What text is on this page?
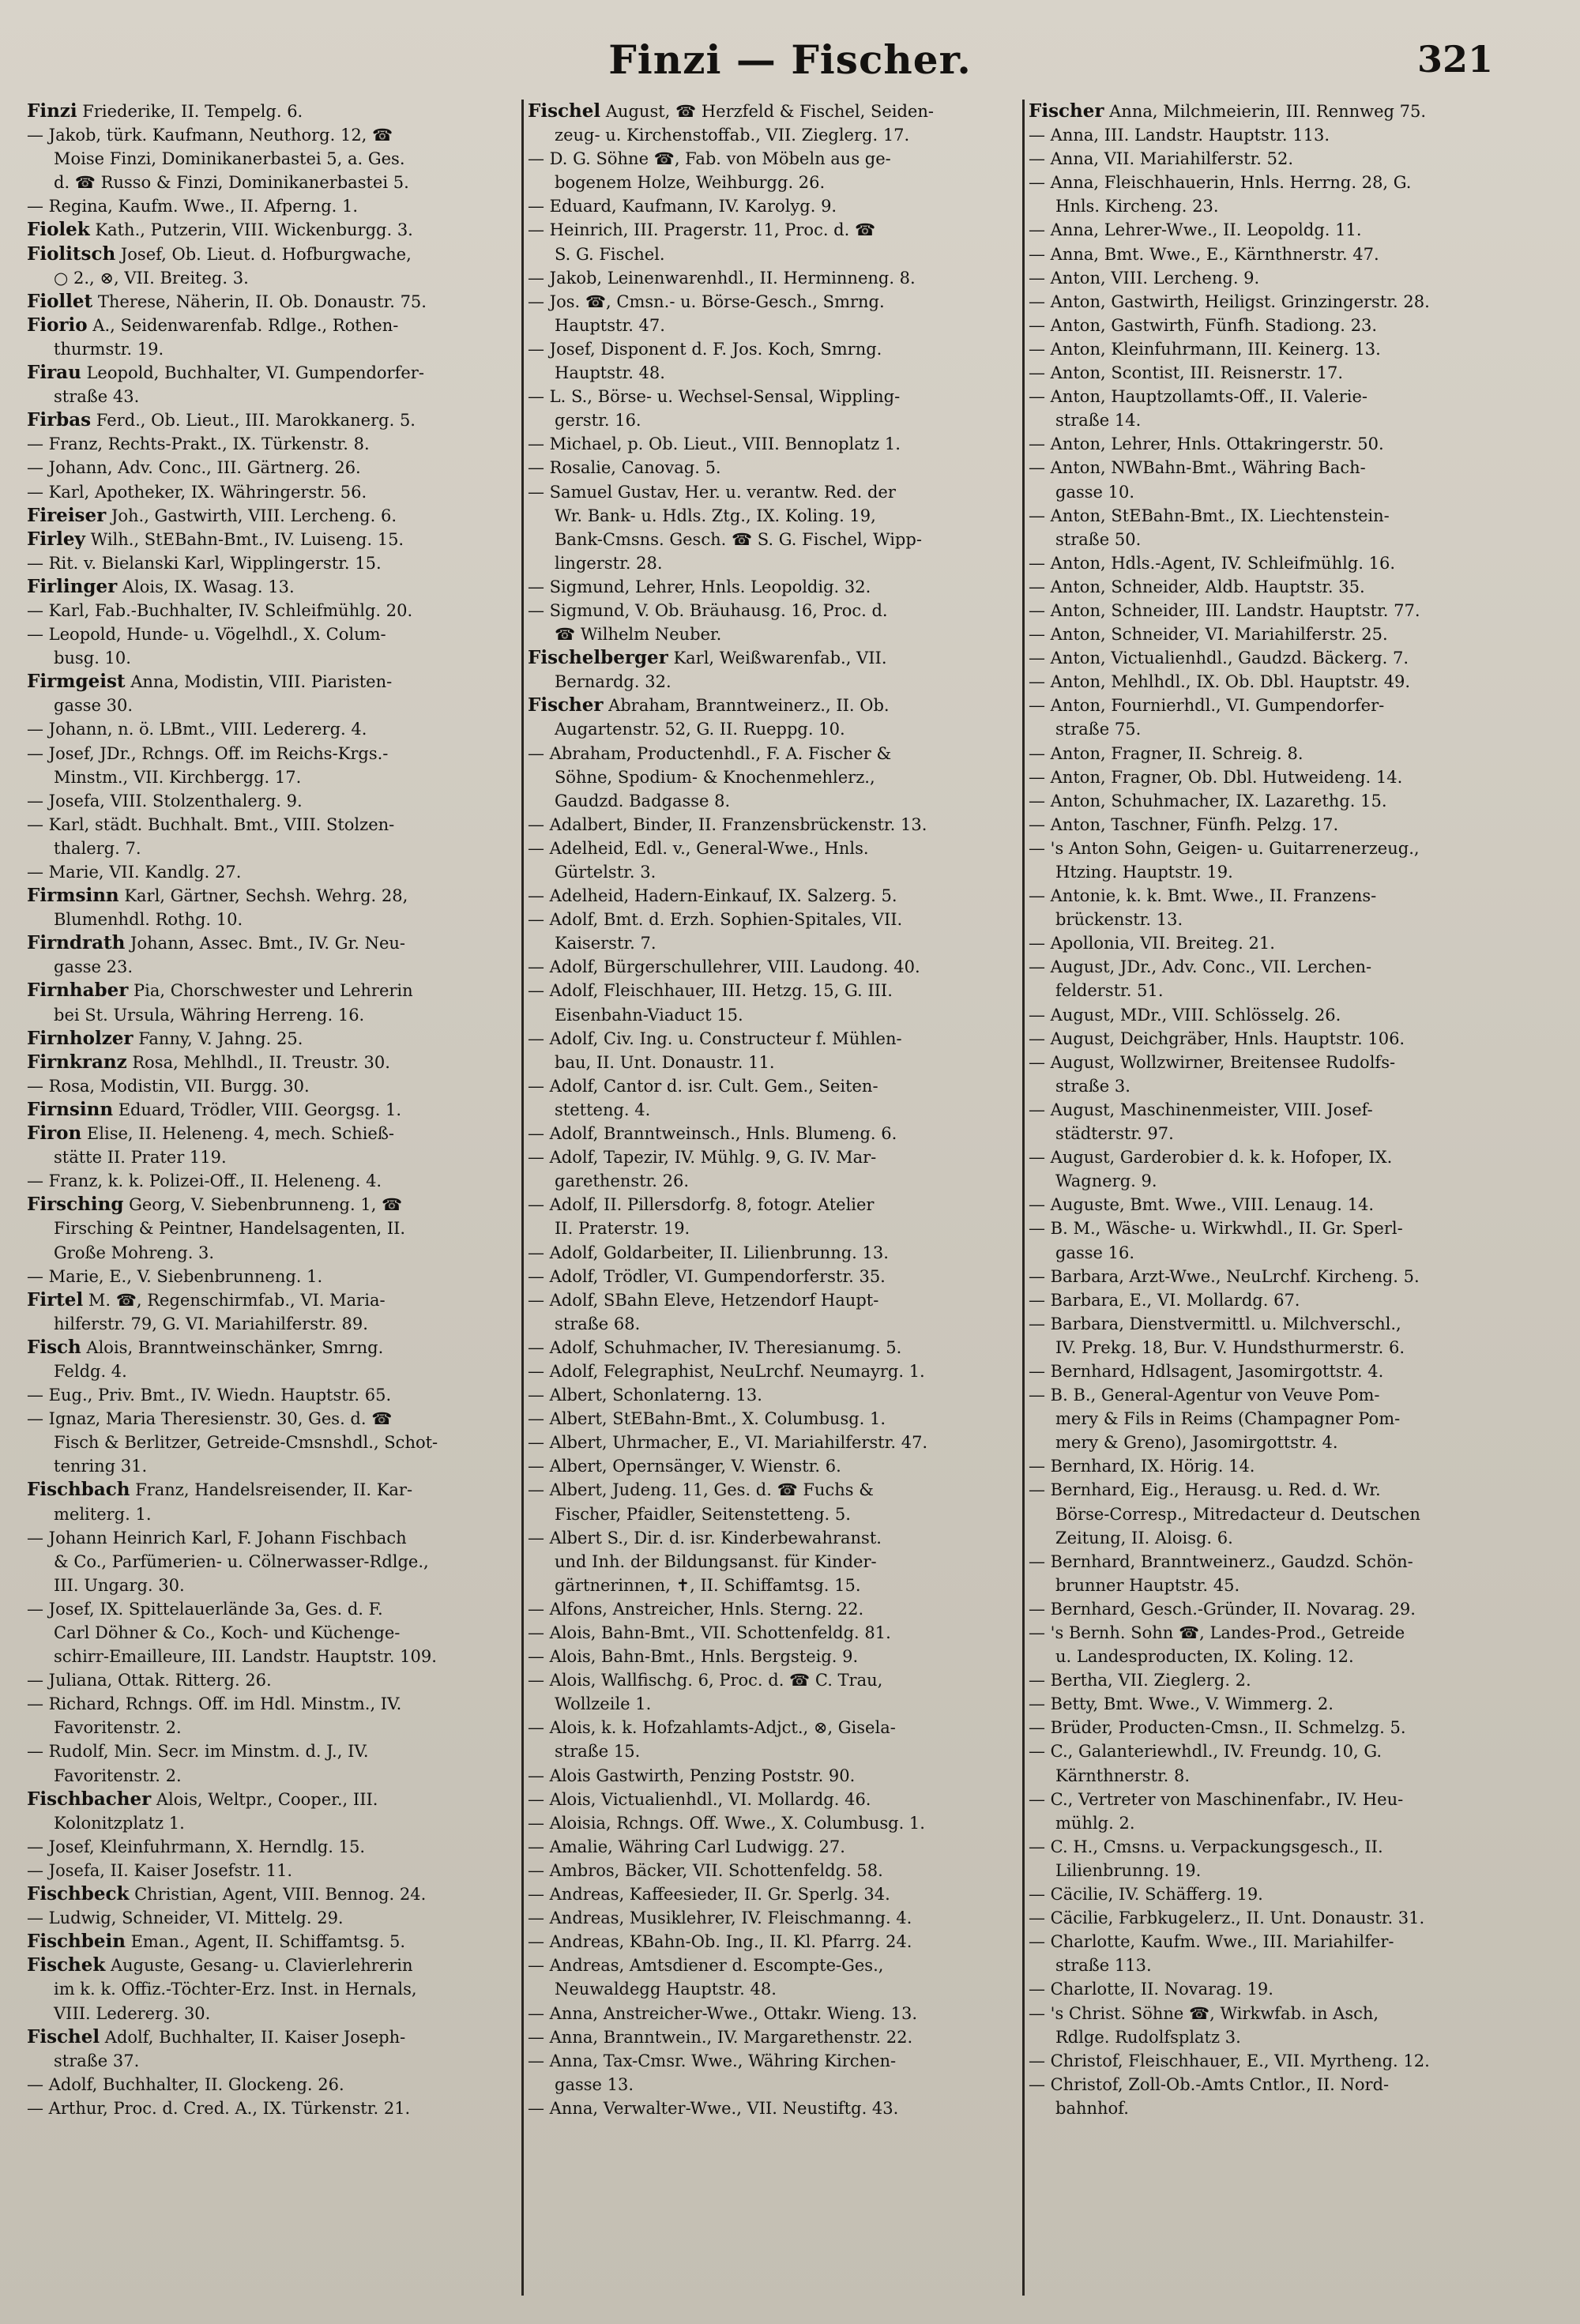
Finzi — Fischer.	321
Finzi Friederike, II. Tempelg. 6.
— Jakob, türk. Kaufmann, Neuthorg. 12, ☎
Moise Finzi, Dominikanerbastei 5, a. Ges.
d. ☎ Russo & Finzi, Dominikanerbastei 5.
— Regina, Kaufm. Wwe., II. Afperng. 1.
Fiolek Kath., Putzerin, VIII. Wickenburgg. 3.
Fiolitsch Josef, Ob. Lieut. d. Hofburgwache,
○ 2., ⊗, VII. Breiteg. 3.
Fiollet Therese, Näherin, II. Ob. Donaustr. 75.
Fiorio A., Seidenwarenfab. Rdlge., Rothen-
thurmstr. 19.
Firau Leopold, Buchhalter, VI. Gumpendorfer-
straße 43.
Firbas Ferd., Ob. Lieut., III. Marokkanerg. 5.
— Franz, Rechts-Prakt., IX. Türkenstr. 8.
— Johann, Adv. Conc., III. Gärtnerg. 26.
— Karl, Apotheker, IX. Währingerstr. 56.
Fireiser Joh., Gastwirth, VIII. Lercheng. 6.
Firley Wilh., StEBahn-Bmt., IV. Luiseng. 15.
— Rit. v. Bielanski Karl, Wipplingerstr. 15.
Firlinger Alois, IX. Wasag. 13.
— Karl, Fab.-Buchhalter, IV. Schleifmühlg. 20.
— Leopold, Hunde- u. Vögelhdl., X. Colum-
busg. 10.
Firmgeist Anna, Modistin, VIII. Piaristen-
gasse 30.
— Johann, n. ö. LBmt., VIII. Ledererg. 4.
— Josef, JDr., Rchngs. Off. im Reichs-Krgs.-
Minstm., VII. Kirchbergg. 17.
— Josefa, VIII. Stolzenthalerg. 9.
— Karl, städt. Buchhalt. Bmt., VIII. Stolzen-
thalerg. 7.
— Marie, VII. Kandlg. 27.
Firmsinn Karl, Gärtner, Sechsh. Wehrg. 28,
Blumenhdl. Rothg. 10.
Firndrath Johann, Assec. Bmt., IV. Gr. Neu-
gasse 23.
Firnhaber Pia, Chorschwester und Lehrerin
bei St. Ursula, Währing Herreng. 16.
Firnholzer Fanny, V. Jahng. 25.
Firnkranz Rosa, Mehlhdl., II. Treustr. 30.
— Rosa, Modistin, VII. Burgg. 30.
Firnsinn Eduard, Trödler, VIII. Georgsg. 1.
Firon Elise, II. Heleneng. 4, mech. Schieß-
stätte II. Prater 119.
— Franz, k. k. Polizei-Off., II. Heleneng. 4.
Firsching Georg, V. Siebenbrunneng. 1, ☎
Firsching & Peintner, Handelsagenten, II.
Große Mohreng. 3.
— Marie, E., V. Siebenbrunneng. 1.
Firtel M. ☎, Regenschirmfab., VI. Maria-
hilferstr. 79, G. VI. Mariahilferstr. 89.
Fisch Alois, Branntweinschänker, Smrng.
Feldg. 4.
— Eug., Priv. Bmt., IV. Wiedn. Hauptstr. 65.
— Ignaz, Maria Theresienstr. 30, Ges. d. ☎
Fisch & Berlitzer, Getreide-Cmsnshdl., Schot-
tenring 31.
Fischbach Franz, Handelsreisender, II. Kar-
meliterg. 1.
— Johann Heinrich Karl, F. Johann Fischbach
& Co., Parfümerien- u. Cölnerwasser-Rdlge.,
III. Ungarg. 30.
— Josef, IX. Spittelauerlände 3a, Ges. d. F.
Carl Döhner & Co., Koch- und Küchenge-
schirr-Emailleure, III. Landstr. Hauptstr. 109.
— Juliana, Ottak. Ritterg. 26.
— Richard, Rchngs. Off. im Hdl. Minstm., IV.
Favoritenstr. 2.
— Rudolf, Min. Secr. im Minstm. d. J., IV.
Favoritenstr. 2.
Fischbacher Alois, Weltpr., Cooper., III.
Kolonitzplatz 1.
— Josef, Kleinfuhrmann, X. Herndlg. 15.
— Josefa, II. Kaiser Josefstr. 11.
Fischbeck Christian, Agent, VIII. Bennog. 24.
— Ludwig, Schneider, VI. Mittelg. 29.
Fischbein Eman., Agent, II. Schiffamtsg. 5.
Fischek Auguste, Gesang- u. Clavierlehrerin
im k. k. Offiz.-Töchter-Erz. Inst. in Hernals,
VIII. Ledererg. 30.
Fischel Adolf, Buchhalter, II. Kaiser Joseph-
straße 37.
— Adolf, Buchhalter, II. Glockeng. 26.
— Arthur, Proc. d. Cred. A., IX. Türkenstr. 21.
Fischel August, ☎ Herzfeld & Fischel, Seiden-
zeug- u. Kirchenstoffab., VII. Zieglerg. 17.
— D. G. Söhne ☎, Fab. von Möbeln aus ge-
bogenem Holze, Weihburgg. 26.
— Eduard, Kaufmann, IV. Karolyg. 9.
— Heinrich, III. Pragerstr. 11, Proc. d. ☎
S. G. Fischel.
— Jakob, Leinenwarenhdl., II. Herminneng. 8.
— Jos. ☎, Cmsn.- u. Börse-Gesch., Smrng.
Hauptstr. 47.
— Josef, Disponent d. F. Jos. Koch, Smrng.
Hauptstr. 48.
— L. S., Börse- u. Wechsel-Sensal, Wippling-
gerstr. 16.
— Michael, p. Ob. Lieut., VIII. Bennoplatz 1.
— Rosalie, Canovag. 5.
— Samuel Gustav, Her. u. verantw. Red. der
Wr. Bank- u. Hdls. Ztg., IX. Koling. 19,
Bank-Cmsns. Gesch. ☎ S. G. Fischel, Wipp-
lingerstr. 28.
— Sigmund, Lehrer, Hnls. Leopoldig. 32.
— Sigmund, V. Ob. Bräuhausg. 16, Proc. d.
☎ Wilhelm Neuber.
Fischelberger Karl, Weißwarenfab., VII.
Bernardg. 32.
Fischer Abraham, Branntweinerz., II. Ob.
Augartenstr. 52, G. II. Rueppg. 10.
— Abraham, Productenhdl., F. A. Fischer &
Söhne, Spodium- & Knochenmehlerz.,
Gaudzd. Badgasse 8.
— Adalbert, Binder, II. Franzensbrückenstr. 13.
— Adelheid, Edl. v., General-Wwe., Hnls.
Gürtelstr. 3.
— Adelheid, Hadern-Einkauf, IX. Salzerg. 5.
— Adolf, Bmt. d. Erzh. Sophien-Spitales, VII.
Kaiserstr. 7.
— Adolf, Bürgerschullehrer, VIII. Laudong. 40.
— Adolf, Fleischhauer, III. Hetzg. 15, G. III.
Eisenbahn-Viaduct 15.
— Adolf, Civ. Ing. u. Constructeur f. Mühlen-
bau, II. Unt. Donaustr. 11.
— Adolf, Cantor d. isr. Cult. Gem., Seiten-
stetteng. 4.
— Adolf, Branntweinsch., Hnls. Blumeng. 6.
— Adolf, Tapezir, IV. Mühlg. 9, G. IV. Mar-
garethenstr. 26.
— Adolf, II. Pillersdorfg. 8, fotogr. Atelier
II. Praterstr. 19.
— Adolf, Goldarbeiter, II. Lilienbrunng. 13.
— Adolf, Trödler, VI. Gumpendorferstr. 35.
— Adolf, SBahn Eleve, Hetzendorf Haupt-
straße 68.
— Adolf, Schuhmacher, IV. Theresianumg. 5.
— Adolf, Felegraphist, NeuLrchf. Neumayrg. 1.
— Albert, Schonlaterng. 13.
— Albert, StEBahn-Bmt., X. Columbusg. 1.
— Albert, Uhrmacher, E., VI. Mariahilferstr. 47.
— Albert, Opernsänger, V. Wienstr. 6.
— Albert, Judeng. 11, Ges. d. ☎ Fuchs &
Fischer, Pfaidler, Seitenstetteng. 5.
— Albert S., Dir. d. isr. Kinderbewahranst.
und Inh. der Bildungsanst. für Kinder-
gärtnerinnen, ✝, II. Schiffamtsg. 15.
— Alfons, Anstreicher, Hnls. Sterng. 22.
— Alois, Bahn-Bmt., VII. Schottenfeldg. 81.
— Alois, Bahn-Bmt., Hnls. Bergsteig. 9.
— Alois, Wallfischg. 6, Proc. d. ☎ C. Trau,
Wollzeile 1.
— Alois, k. k. Hofzahlamts-Adjct., ⊗, Gisela-
straße 15.
— Alois Gastwirth, Penzing Poststr. 90.
— Alois, Victualienhdl., VI. Mollardg. 46.
— Aloisia, Rchngs. Off. Wwe., X. Columbusg. 1.
— Amalie, Währing Carl Ludwigg. 27.
— Ambros, Bäcker, VII. Schottenfeldg. 58.
— Andreas, Kaffeesieder, II. Gr. Sperlg. 34.
— Andreas, Musiklehrer, IV. Fleischmanng. 4.
— Andreas, KBahn-Ob. Ing., II. Kl. Pfarrg. 24.
— Andreas, Amtsdiener d. Escompte-Ges.,
Neuwaldegg Hauptstr. 48.
— Anna, Anstreicher-Wwe., Ottakr. Wieng. 13.
— Anna, Branntwein., IV. Margarethenstr. 22.
— Anna, Tax-Cmsr. Wwe., Währing Kirchen-
gasse 13.
— Anna, Verwalter-Wwe., VII. Neustiftg. 43.
Fischer Anna, Milchmeierin, III. Rennweg 75.
— Anna, III. Landstr. Hauptstr. 113.
— Anna, VII. Mariahilferstr. 52.
— Anna, Fleischhauerin, Hnls. Herrng. 28, G.
Hnls. Kircheng. 23.
— Anna, Lehrer-Wwe., II. Leopoldg. 11.
— Anna, Bmt. Wwe., E., Kärnthnerstr. 47.
— Anton, VIII. Lercheng. 9.
— Anton, Gastwirth, Heiligst. Grinzingerstr. 28.
— Anton, Gastwirth, Fünfh. Stadiong. 23.
— Anton, Kleinfuhrmann, III. Keinerg. 13.
— Anton, Scontist, III. Reisnerstr. 17.
— Anton, Hauptzollamts-Off., II. Valerie-
straße 14.
— Anton, Lehrer, Hnls. Ottakringerstr. 50.
— Anton, NWBahn-Bmt., Währing Bach-
gasse 10.
— Anton, StEBahn-Bmt., IX. Liechtenstein-
straße 50.
— Anton, Hdls.-Agent, IV. Schleifmühlg. 16.
— Anton, Schneider, Aldb. Hauptstr. 35.
— Anton, Schneider, III. Landstr. Hauptstr. 77.
— Anton, Schneider, VI. Mariahilferstr. 25.
— Anton, Victualienhdl., Gaudzd. Bäckerg. 7.
— Anton, Mehlhdl., IX. Ob. Dbl. Hauptstr. 49.
— Anton, Fournierhdl., VI. Gumpendorfer-
straße 75.
— Anton, Fragner, II. Schreig. 8.
— Anton, Fragner, Ob. Dbl. Hutweideng. 14.
— Anton, Schuhmacher, IX. Lazarethg. 15.
— Anton, Taschner, Fünfh. Pelzg. 17.
— 's Anton Sohn, Geigen- u. Guitarrenerzeug.,
Htzing. Hauptstr. 19.
— Antonie, k. k. Bmt. Wwe., II. Franzens-
brückenstr. 13.
— Apollonia, VII. Breiteg. 21.
— August, JDr., Adv. Conc., VII. Lerchen-
felderstr. 51.
— August, MDr., VIII. Schlösselg. 26.
— August, Deichgräber, Hnls. Hauptstr. 106.
— August, Wollzwirner, Breitensee Rudolfs-
straße 3.
— August, Maschinenmeister, VIII. Josef-
städterstr. 97.
— August, Garderobier d. k. k. Hofoper, IX.
Wagnerg. 9.
— Auguste, Bmt. Wwe., VIII. Lenaug. 14.
— B. M., Wäsche- u. Wirkwhdl., II. Gr. Sperl-
gasse 16.
— Barbara, Arzt-Wwe., NeuLrchf. Kircheng. 5.
— Barbara, E., VI. Mollardg. 67.
— Barbara, Dienstvermittl. u. Milchverschl.,
IV. Prekg. 18, Bur. V. Hundsthurmerstr. 6.
— Bernhard, Hdlsagent, Jasomirgottstr. 4.
— B. B., General-Agentur von Veuve Pom-
mery & Fils in Reims (Champagner Pom-
mery & Greno), Jasomirgottstr. 4.
— Bernhard, IX. Hörig. 14.
— Bernhard, Eig., Herausg. u. Red. d. Wr.
Börse-Corresp., Mitredacteur d. Deutschen
Zeitung, II. Aloisg. 6.
— Bernhard, Branntweinerz., Gaudzd. Schön-
brunner Hauptstr. 45.
— Bernhard, Gesch.-Gründer, II. Novarag. 29.
— 's Bernh. Sohn ☎, Landes-Prod., Getreide
u. Landesproducten, IX. Koling. 12.
— Bertha, VII. Zieglerg. 2.
— Betty, Bmt. Wwe., V. Wimmerg. 2.
— Brüder, Producten-Cmsn., II. Schmelzg. 5.
— C., Galanteriewhdl., IV. Freundg. 10, G.
Kärnthnerstr. 8.
— C., Vertreter von Maschinenfabr., IV. Heu-
mühlg. 2.
— C. H., Cmsns. u. Verpackungsgesch., II.
Lilienbrunng. 19.
— Cäcilie, IV. Schäfferg. 19.
— Cäcilie, Farbkugelerz., II. Unt. Donaustr. 31.
— Charlotte, Kaufm. Wwe., III. Mariahilfer-
straße 113.
— Charlotte, II. Novarag. 19.
— 's Christ. Söhne ☎, Wirkwfab. in Asch,
Rdlge. Rudolfsplatz 3.
— Christof, Fleischhauer, E., VII. Myrtheng. 12.
— Christof, Zoll-Ob.-Amts Cntlor., II. Nord-
bahnhof.
